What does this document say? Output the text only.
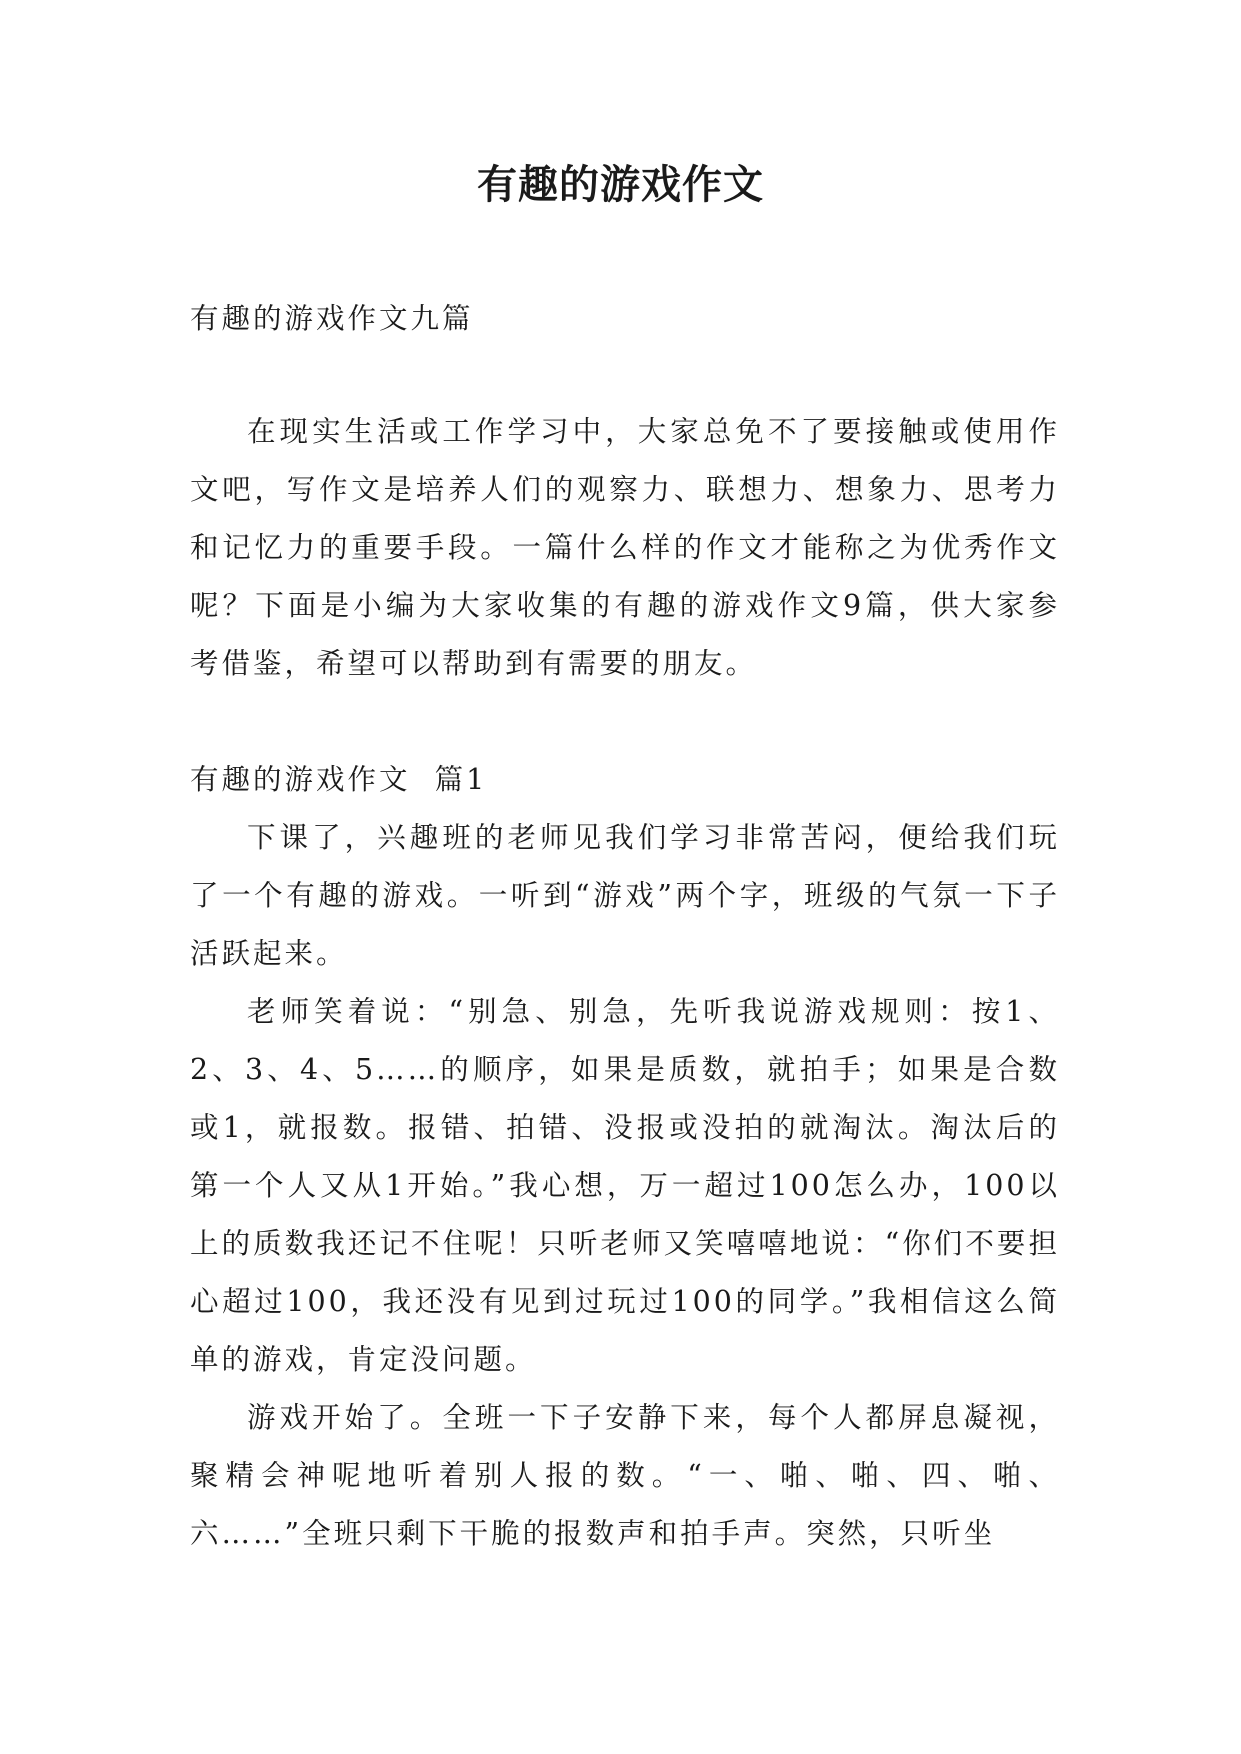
有趣的游戏作文
有趣的游戏作文九篇
在现实生活或工作学习中，大家总免不了要接触或使用作文吧，写作文是培养人们的观察力、联想力、想象力、思考力和记忆力的重要手段。一篇什么样的作文才能称之为优秀作文呢？下面是小编为大家收集的有趣的游戏作文9篇，供大家参考借鉴，希望可以帮助到有需要的朋友。
有趣的游戏作文  篇1
下课了，兴趣班的老师见我们学习非常苦闷，便给我们玩了一个有趣的游戏。一听到“游戏”两个字，班级的气氛一下子活跃起来。
老师笑着说：“别急、别急，先听我说游戏规则：按1、2、3、4、5……的顺序，如果是质数，就拍手；如果是合数或1，就报数。报错、拍错、没报或没拍的就淘汰。淘汰后的第一个人又从1开始。”我心想，万一超过100怎么办，100以上的质数我还记不住呢！只听老师又笑嘻嘻地说：“你们不要担心超过100，我还没有见到过玩过100的同学。”我相信这么简单的游戏，肯定没问题。
游戏开始了。全班一下子安静下来，每个人都屏息凝视，聚精会神呢地听着别人报的数。“一、啪、啪、四、啪、六……”全班只剩下干脆的报数声和拍手声。突然，只听坐
